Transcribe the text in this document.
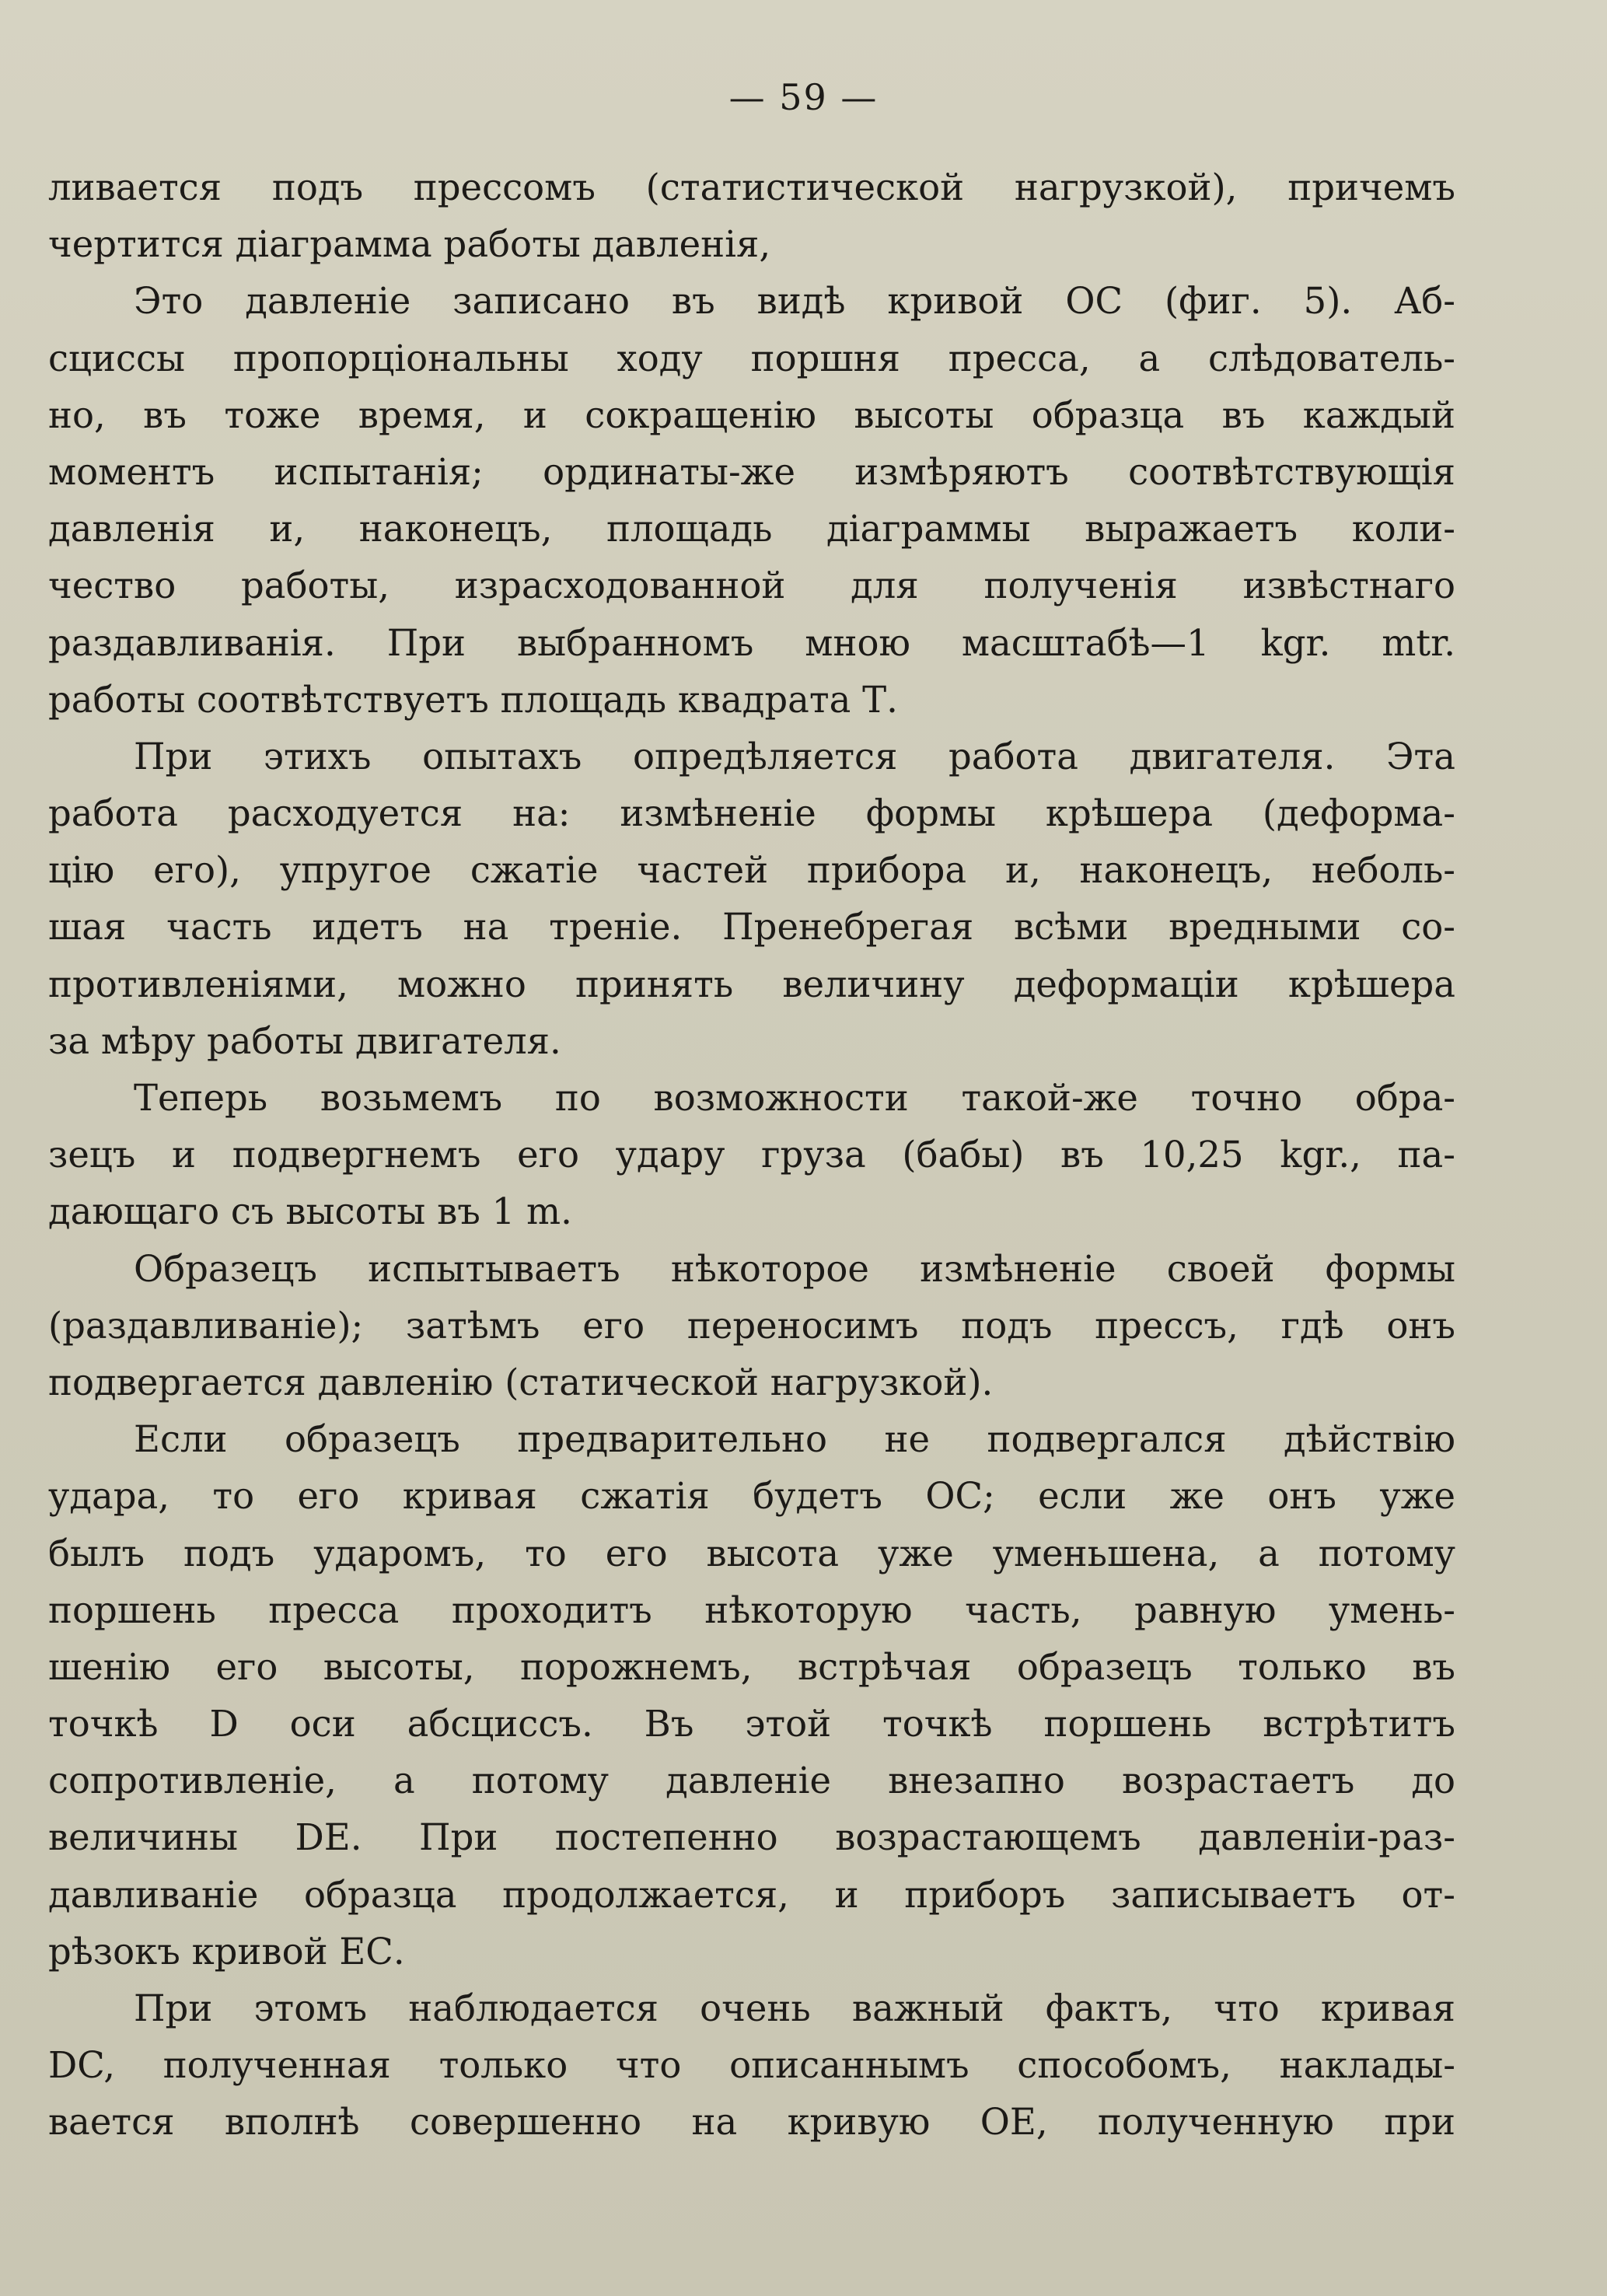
— 59 —
ливается подъ прессомъ (статистической нагрузкой), причемъ
чертится діаграмма работы давленія,
Это давленіе записано въ видѣ кривой ОС (фиг. 5). Аб-
сциссы пропорціональны ходу поршня пресса, а слѣдователь-
но, въ тоже время, и сокращенію высоты образца въ каждый
моментъ испытанія; ординаты-же измѣряютъ соотвѣтствующія
давленія и, наконецъ, площадь діаграммы выражаетъ коли-
чество работы, израсходованной для полученія извѣстнаго
раздавливанія. При выбранномъ мною масштабѣ—1 kgr. mtr.
работы соотвѣтствуетъ площадь квадрата Т.
При этихъ опытахъ опредѣляется работа двигателя. Эта
работа расходуется на: измѣненіе формы крѣшера (деформа-
цію его), упругое сжатіе частей прибора и, наконецъ, неболь-
шая часть идетъ на треніе. Пренебрегая всѣми вредными со-
противленіями, можно принять величину деформаціи крѣшера
за мѣру работы двигателя.
Теперь возьмемъ по возможности такой-же точно обра-
зецъ и подвергнемъ его удару груза (бабы) въ 10,25 kgr., па-
дающаго съ высоты въ 1 m.
Образецъ испытываетъ нѣкоторое измѣненіе своей формы
(раздавливаніе); затѣмъ его переносимъ подъ прессъ, гдѣ онъ
подвергается давленію (статической нагрузкой).
Если образецъ предварительно не подвергался дѣйствію
удара, то его кривая сжатія будетъ ОС; если же онъ уже
былъ подъ ударомъ, то его высота уже уменьшена, а потому
поршень пресса проходитъ нѣкоторую часть, равную умень-
шенію его высоты, порожнемъ, встрѣчая образецъ только въ
точкѣ D оси абсциссъ. Въ этой точкѣ поршень встрѣтитъ
сопротивленіе, а потому давленіе внезапно возрастаетъ до
величины DE. При постепенно возрастающемъ давленіи-раз-
давливаніе образца продолжается, и приборъ записываетъ от-
рѣзокъ кривой ЕС.
При этомъ наблюдается очень важный фактъ, что кривая
DC, полученная только что описаннымъ способомъ, наклады-
вается вполнѣ совершенно на кривую ОЕ, полученную при
